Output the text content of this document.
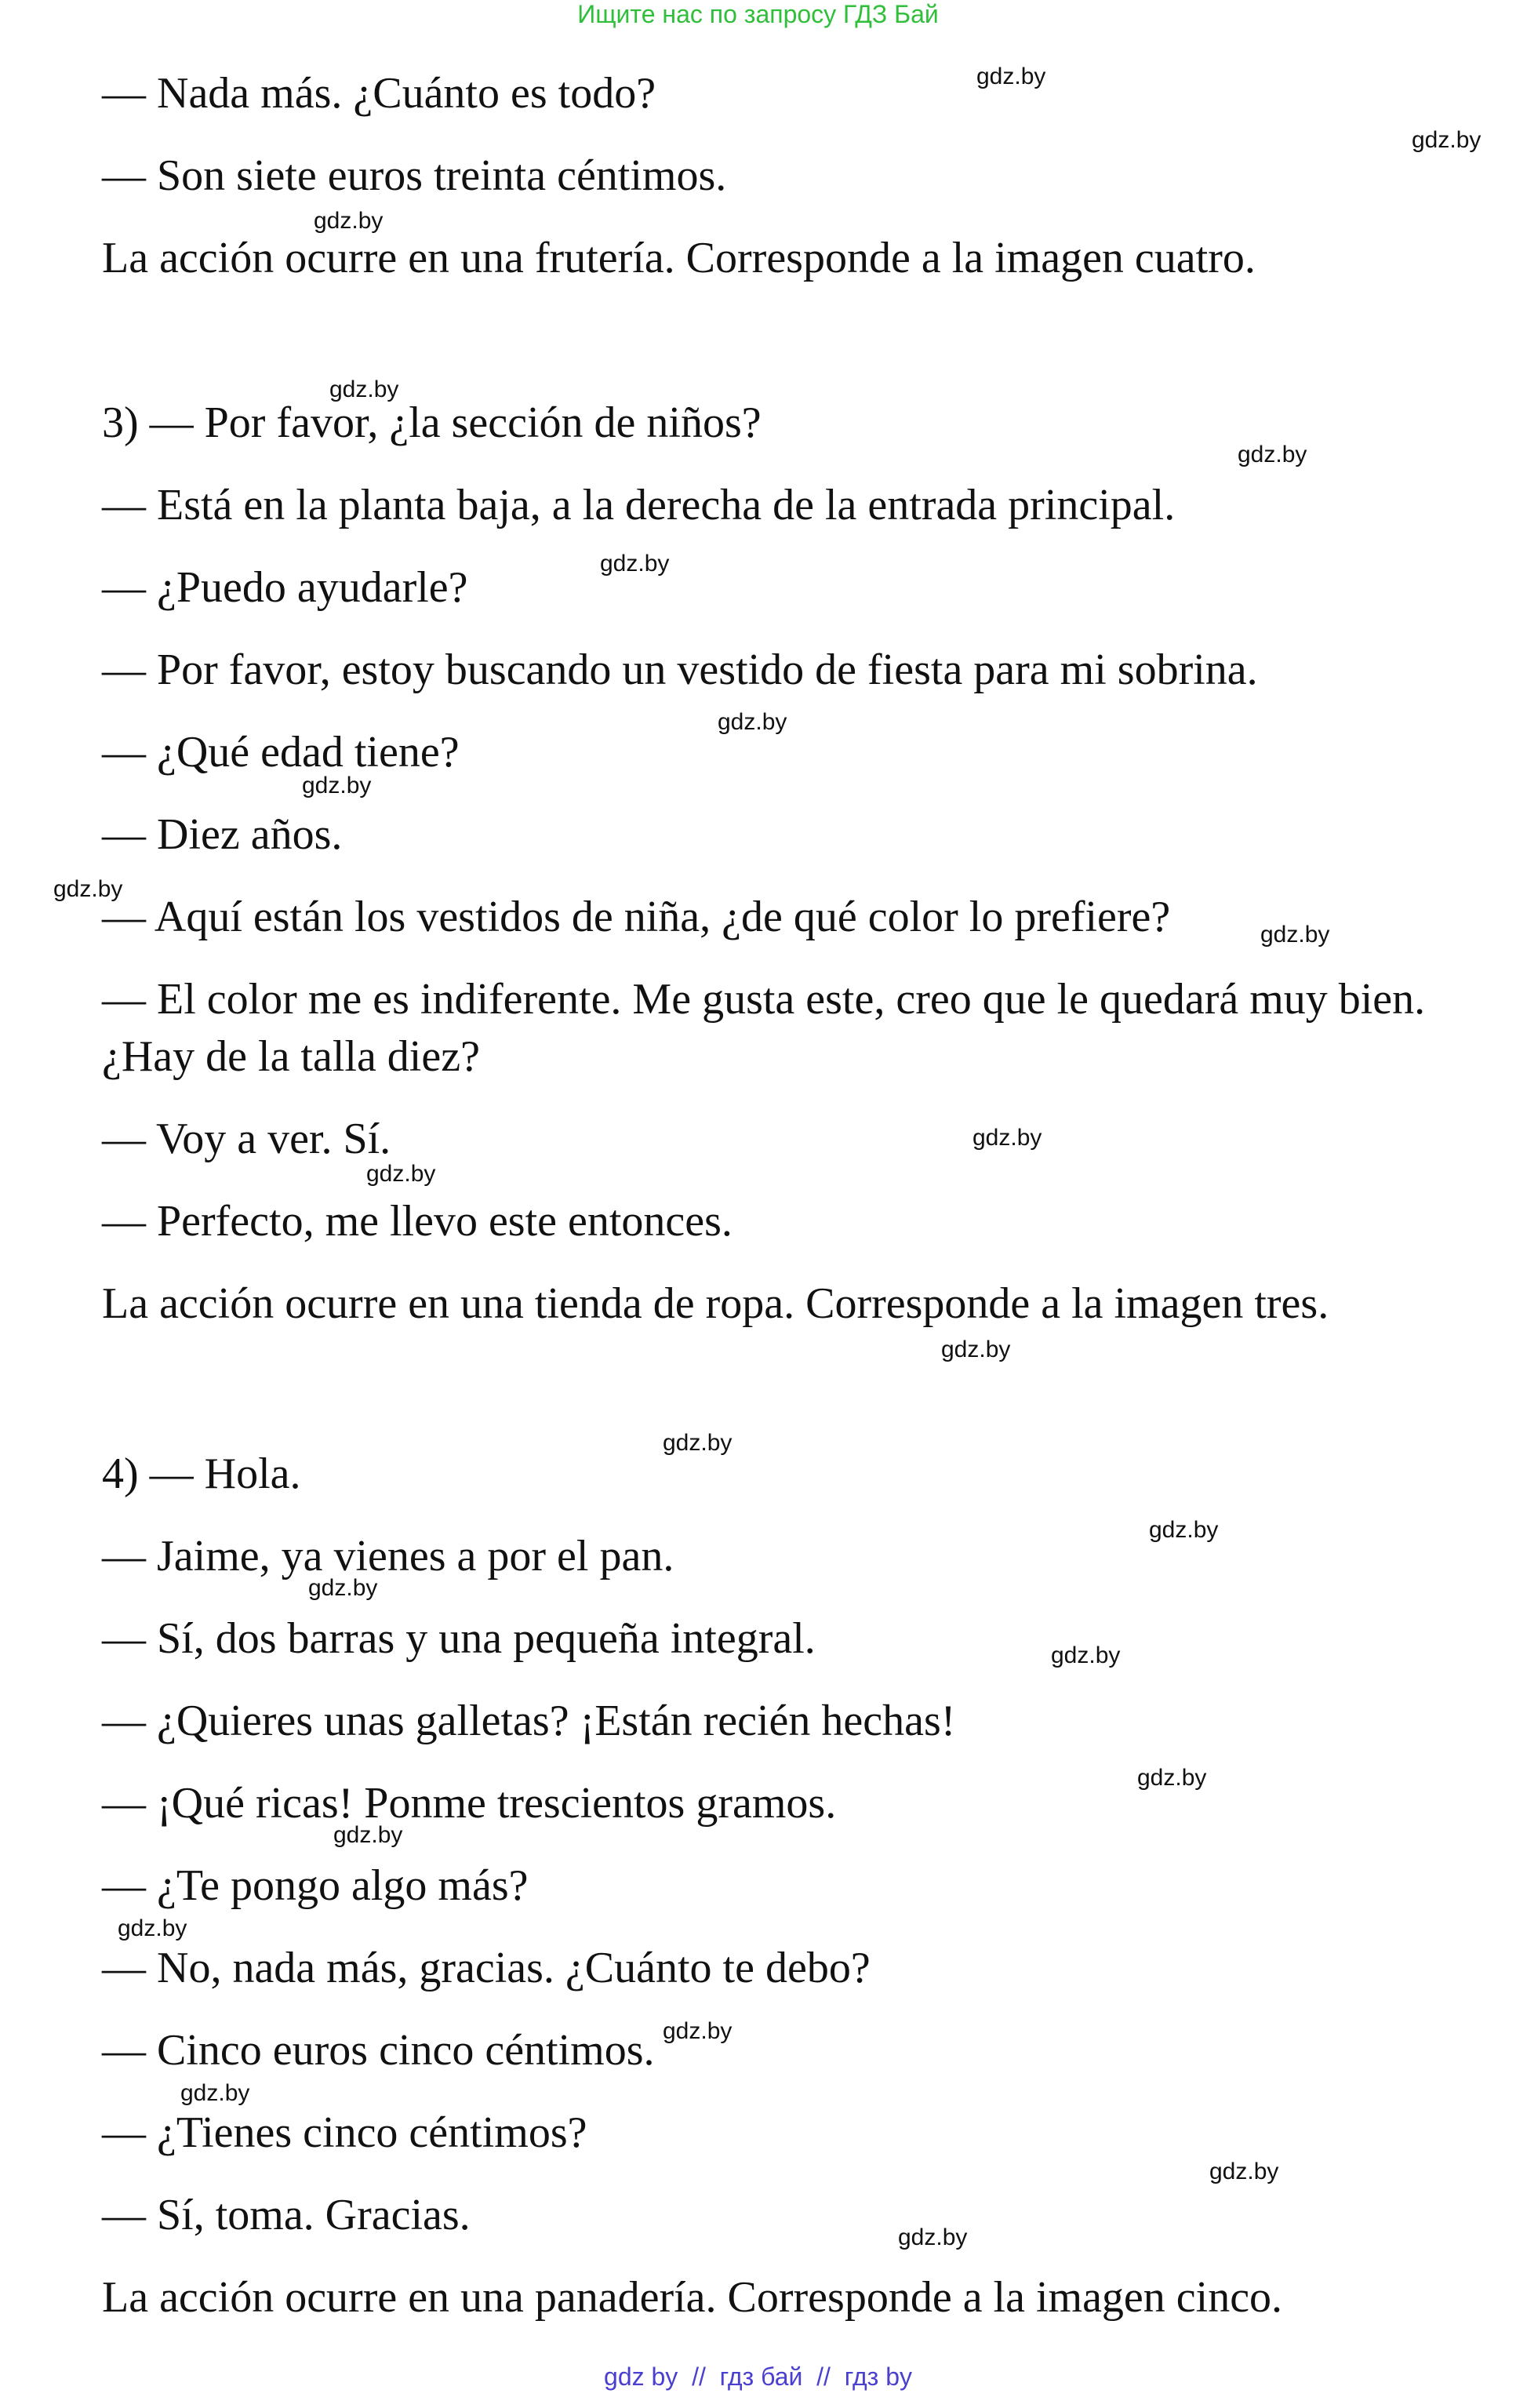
Ищите нас по запросу ГДЗ Бай
— Nada más. ¿Cuánto es todo?
— Son siete euros treinta céntimos.
La acción ocurre en una frutería. Corresponde a la imagen cuatro.
3) — Por favor, ¿la sección de niños?
— Está en la planta baja, a la derecha de la entrada principal.
— ¿Puedo ayudarle?
— Por favor, estoy buscando un vestido de fiesta para mi sobrina.
— ¿Qué edad tiene?
— Diez años.
— Aquí están los vestidos de niña, ¿de qué color lo prefiere?
— El color me es indiferente. Me gusta este, creo que le quedará muy bien.
¿Hay de la talla diez?
— Voy a ver. Sí.
— Perfecto, me llevo este entonces.
La acción ocurre en una tienda de ropa. Corresponde a la imagen tres.
4) — Hola.
— Jaime, ya vienes a por el pan.
— Sí, dos barras y una pequeña integral.
— ¿Quieres unas galletas? ¡Están recién hechas!
— ¡Qué ricas! Ponme trescientos gramos.
— ¿Te pongo algo más?
— No, nada más, gracias. ¿Cuánto te debo?
— Cinco euros cinco céntimos.
— ¿Tienes cinco céntimos?
— Sí, toma. Gracias.
La acción ocurre en una panadería. Corresponde a la imagen cinco.
gdz.by
gdz.by
gdz.by
gdz.by
gdz.by
gdz.by
gdz.by
gdz.by
gdz.by
gdz.by
gdz.by
gdz.by
gdz.by
gdz.by
gdz.by
gdz.by
gdz.by
gdz.by
gdz.by
gdz.by
gdz.by
gdz.by
gdz.by
gdz.by
gdz by  //  гдз бай  //  гдз by
